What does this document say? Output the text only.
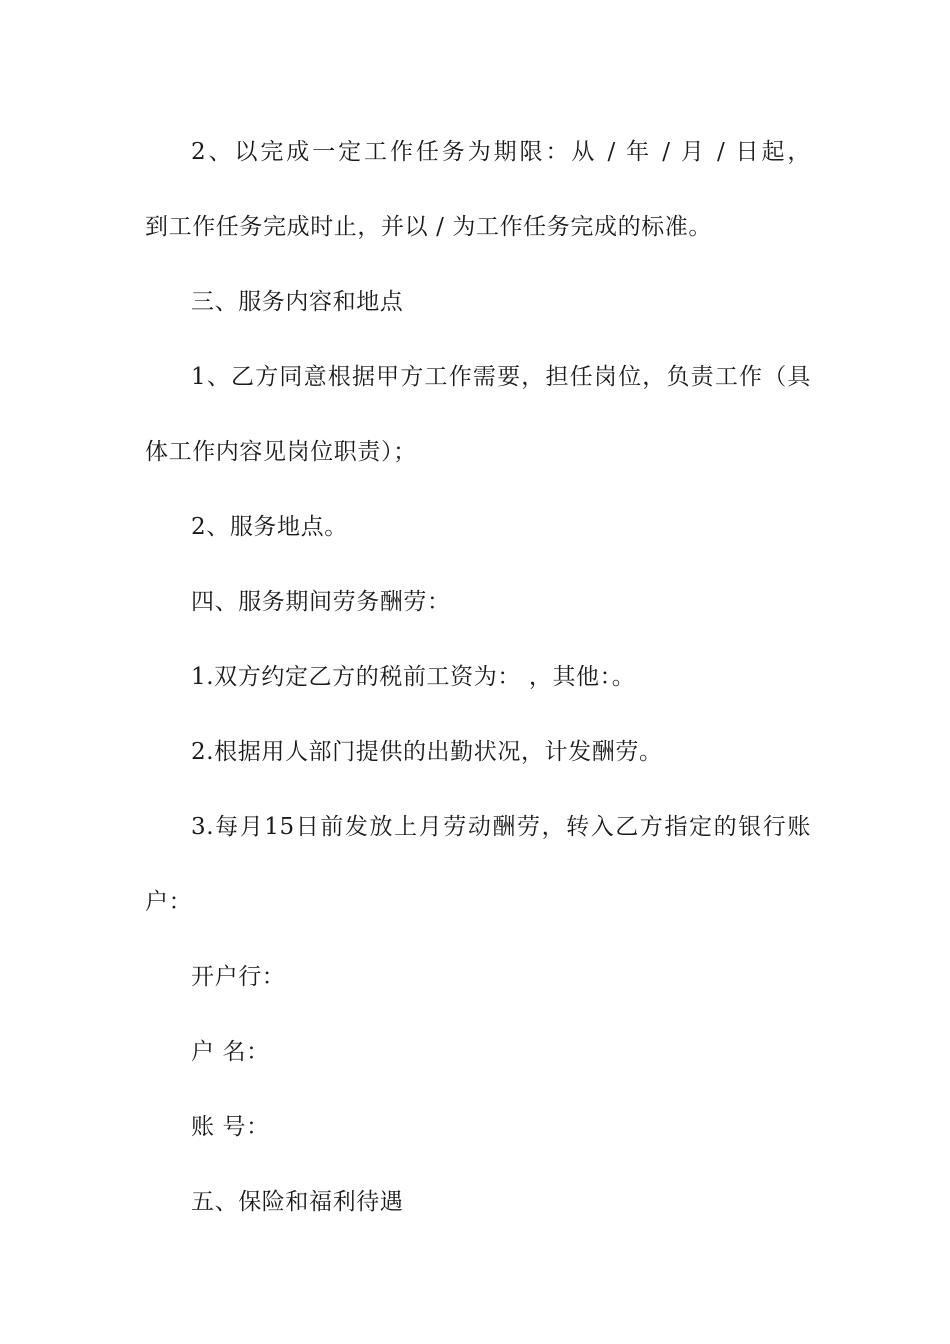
2、以完成一定工作任务为期限：从 / 年 / 月 / 日起，
到工作任务完成时止，并以 / 为工作任务完成的标准。
三、服务内容和地点
1、乙方同意根据甲方工作需要，担任岗位，负责工作（具
体工作内容见岗位职责）；
2、服务地点。
四、服务期间劳务酬劳：
1.双方约定乙方的税前工资为： ，其他：。
2.根据用人部门提供的出勤状况，计发酬劳。
3.每月15日前发放上月劳动酬劳，转入乙方指定的银行账
户：
开户行：
户 名：
账 号：
五、保险和福利待遇
